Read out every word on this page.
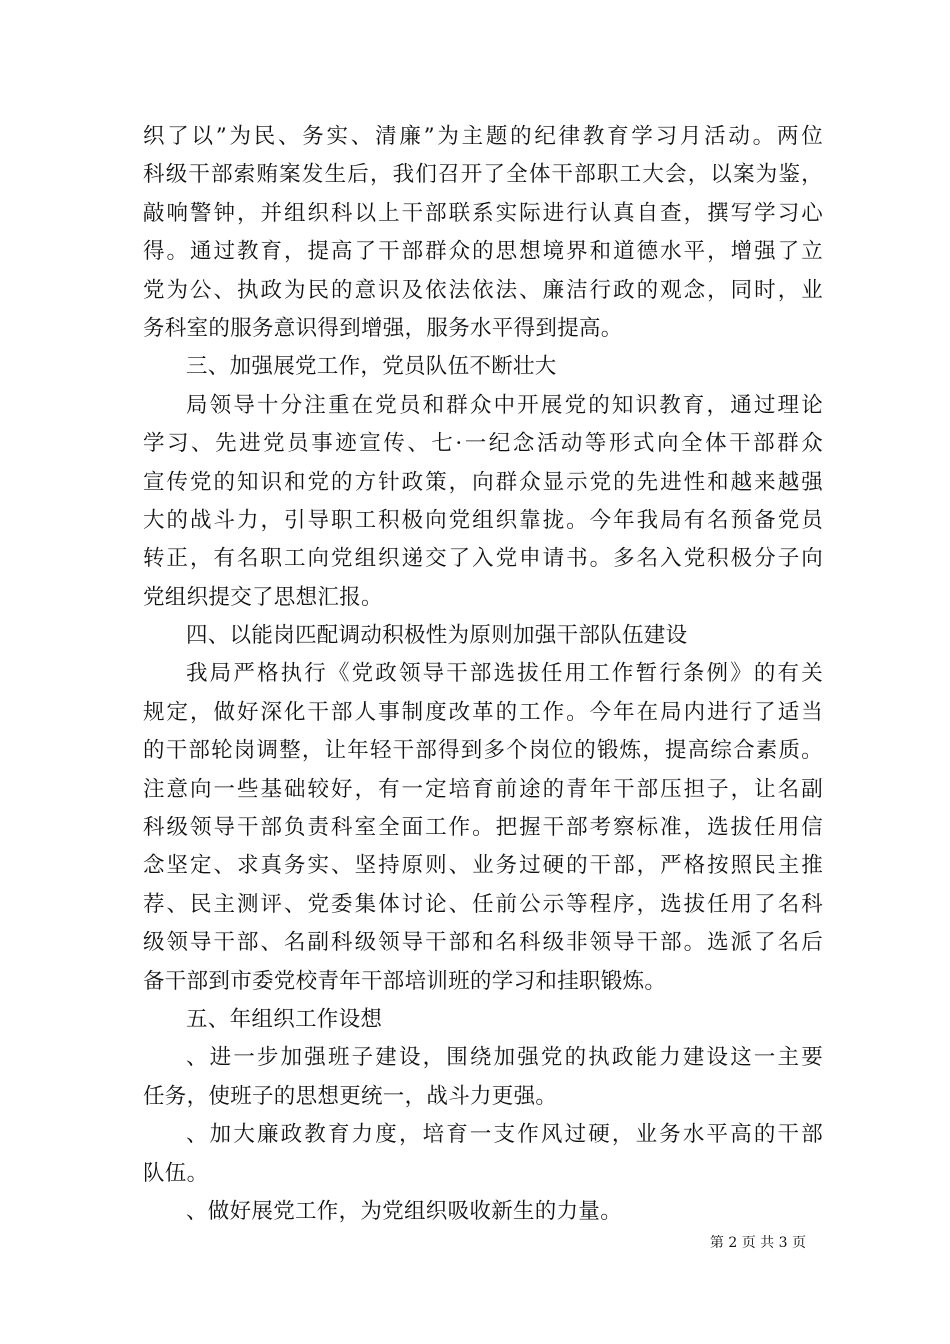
织了以”为民、务实、清廉”为主题的纪律教育学习月活动。两位
科级干部索贿案发生后，我们召开了全体干部职工大会，以案为鉴，
敲响警钟，并组织科以上干部联系实际进行认真自查，撰写学习心
得。通过教育，提高了干部群众的思想境界和道德水平，增强了立
党为公、执政为民的意识及依法依法、廉洁行政的观念，同时，业
务科室的服务意识得到增强，服务水平得到提高。
三、加强展党工作，党员队伍不断壮大
局领导十分注重在党员和群众中开展党的知识教育，通过理论
学习、先进党员事迹宣传、七·一纪念活动等形式向全体干部群众
宣传党的知识和党的方针政策，向群众显示党的先进性和越来越强
大的战斗力，引导职工积极向党组织靠拢。今年我局有名预备党员
转正，有名职工向党组织递交了入党申请书。多名入党积极分子向
党组织提交了思想汇报。
四、以能岗匹配调动积极性为原则加强干部队伍建设
我局严格执行《党政领导干部选拔任用工作暂行条例》的有关
规定，做好深化干部人事制度改革的工作。今年在局内进行了适当
的干部轮岗调整，让年轻干部得到多个岗位的锻炼，提高综合素质。
注意向一些基础较好，有一定培育前途的青年干部压担子，让名副
科级领导干部负责科室全面工作。把握干部考察标准，选拔任用信
念坚定、求真务实、坚持原则、业务过硬的干部，严格按照民主推
荐、民主测评、党委集体讨论、任前公示等程序，选拔任用了名科
级领导干部、名副科级领导干部和名科级非领导干部。选派了名后
备干部到市委党校青年干部培训班的学习和挂职锻炼。
五、年组织工作设想
、进一步加强班子建设，围绕加强党的执政能力建设这一主要
任务，使班子的思想更统一，战斗力更强。
、加大廉政教育力度，培育一支作风过硬，业务水平高的干部
队伍。
、做好展党工作，为党组织吸收新生的力量。
第 2 页 共 3 页
